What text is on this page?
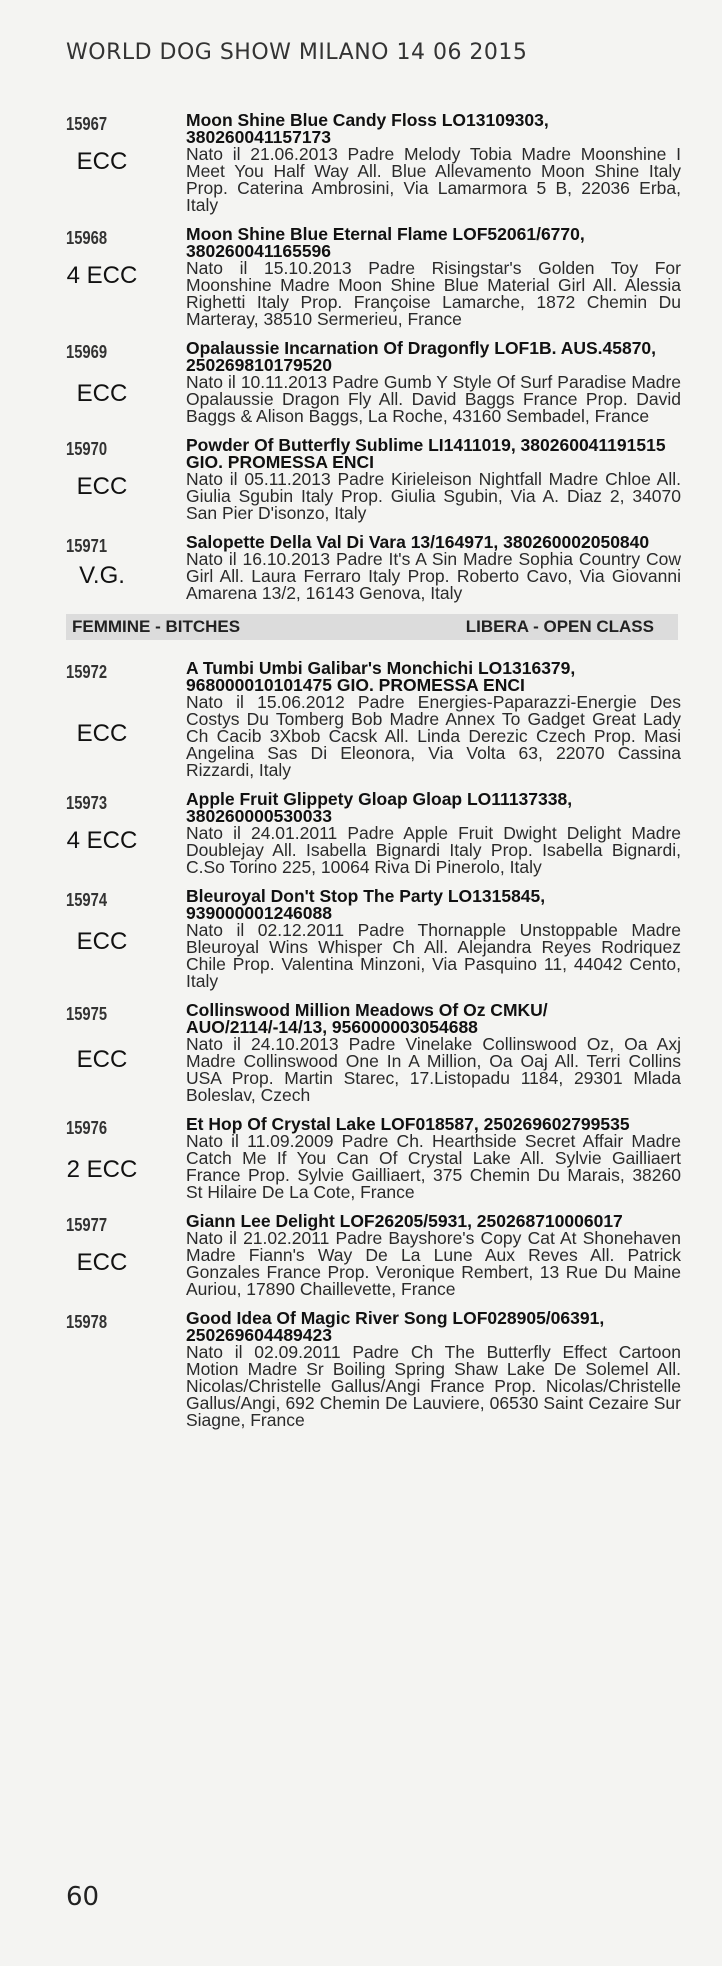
WORLD DOG SHOW MILANO 14 06 2015
15967
ECC
Moon Shine Blue Candy Floss LO13109303, 380260041157173
Nato il 21.06.2013 Padre Melody Tobia Madre Moonshine I Meet You Half Way All. Blue Allevamento Moon Shine Italy Prop. Caterina Ambrosini, Via Lamarmora 5 B, 22036 Erba, Italy
15968
4 ECC
Moon Shine Blue Eternal Flame LOF52061/6770, 380260041165596
Nato il 15.10.2013 Padre Risingstar's Golden Toy For Moonshine Madre Moon Shine Blue Material Girl All. Alessia Righetti Italy Prop. Françoise Lamarche, 1872 Chemin Du Marteray, 38510 Sermerieu, France
15969
ECC
Opalaussie Incarnation Of Dragonfly LOF1B. AUS.45870, 250269810179520
Nato il 10.11.2013 Padre Gumb Y Style Of Surf Paradise Madre Opalaussie Dragon Fly All. David Baggs France Prop. David Baggs & Alison Baggs, La Roche, 43160 Sembadel, France
15970
ECC
Powder Of Butterfly Sublime LI1411019, 380260041191515 GIO. PROMESSA ENCI
Nato il 05.11.2013 Padre Kirieleison Nightfall Madre Chloe All. Giulia Sgubin Italy Prop. Giulia Sgubin, Via A. Diaz 2, 34070 San Pier D'isonzo, Italy
15971
V.G.
Salopette Della Val Di Vara 13/164971, 380260002050840
Nato il 16.10.2013 Padre It's A Sin Madre Sophia Country Cow Girl All. Laura Ferraro Italy Prop. Roberto Cavo, Via Giovanni Amarena 13/2, 16143 Genova, Italy
FEMMINE - BITCHES	LIBERA - OPEN CLASS
15972
ECC
A Tumbi Umbi Galibar's Monchichi LO1316379, 968000010101475 GIO. PROMESSA ENCI
Nato il 15.06.2012 Padre Energies-Paparazzi-Energie Des Costys Du Tomberg Bob Madre Annex To Gadget Great Lady Ch Cacib 3Xbob Cacsk All. Linda Derezic Czech Prop. Masi Angelina Sas Di Eleonora, Via Volta 63, 22070 Cassina Rizzardi, Italy
15973
4 ECC
Apple Fruit Glippety Gloap Gloap LO11137338, 380260000530033
Nato il 24.01.2011 Padre Apple Fruit Dwight Delight Madre Doublejay All. Isabella Bignardi Italy Prop. Isabella Bignardi, C.So Torino 225, 10064 Riva Di Pinerolo, Italy
15974
ECC
Bleuroyal Don't Stop The Party LO1315845, 939000001246088
Nato il 02.12.2011 Padre Thornapple Unstoppable Madre Bleuroyal Wins Whisper Ch All. Alejandra Reyes Rodriquez Chile Prop. Valentina Minzoni, Via Pasquino 11, 44042 Cento, Italy
15975
ECC
Collinswood Million Meadows Of Oz CMKU/ AUO/2114/-14/13, 956000003054688
Nato il 24.10.2013 Padre Vinelake Collinswood Oz, Oa Axj Madre Collinswood One In A Million, Oa Oaj All. Terri Collins USA Prop. Martin Starec, 17.Listopadu 1184, 29301 Mlada Boleslav, Czech
15976
2 ECC
Et Hop Of Crystal Lake LOF018587, 250269602799535
Nato il 11.09.2009 Padre Ch. Hearthside Secret Affair Madre Catch Me If You Can Of Crystal Lake All. Sylvie Gailliaert France Prop. Sylvie Gailliaert, 375 Chemin Du Marais, 38260 St Hilaire De La Cote, France
15977
ECC
Giann Lee Delight LOF26205/5931, 250268710006017
Nato il 21.02.2011 Padre Bayshore's Copy Cat At Shonehaven Madre Fiann's Way De La Lune Aux Reves All. Patrick Gonzales France Prop. Veronique Rembert, 13 Rue Du Maine Auriou, 17890 Chaillevette, France
15978	Good Idea Of Magic River Song LOF028905/06391, 250269604489423
Nato il 02.09.2011 Padre Ch The Butterfly Effect Cartoon Motion Madre Sr Boiling Spring Shaw Lake De Solemel All. Nicolas/Christelle Gallus/Angi France Prop. Nicolas/Christelle Gallus/Angi, 692 Chemin De Lauviere, 06530 Saint Cezaire Sur Siagne, France
60
